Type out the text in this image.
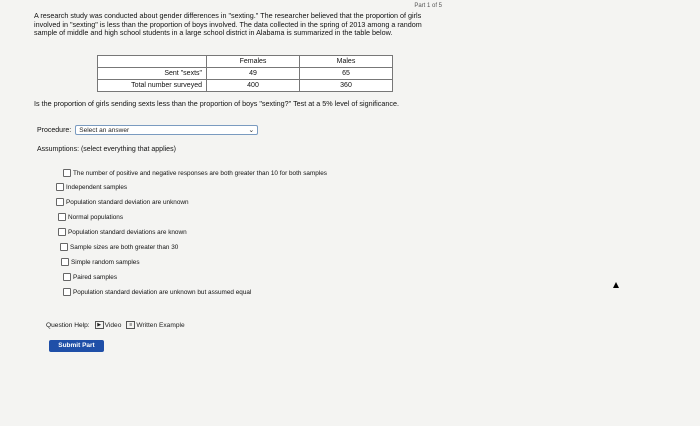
Part 1 of 5
A research study was conducted about gender differences in "sexting." The researcher believed that the proportion of girls involved in "sexting" is less than the proportion of boys involved. The data collected in the spring of 2013 among a random sample of middle and high school students in a large school district in Alabama is summarized in the table below.
	Females	Males
Sent "sexts"	49	65
Total number surveyed	400	360
Is the proportion of girls sending sexts less than the proportion of boys "sexting?" Test at a 5% level of significance.
Procedure:	Select an answer	⌄
Assumptions: (select everything that applies)
The number of positive and negative responses are both greater than 10 for both samples
Independent samples
Population standard deviation are unknown
Normal populations
Population standard deviations are known
Sample sizes are both greater than 30
Simple random samples
Paired samples
Population standard deviation are unknown but assumed equal
Question Help:	▶ Video	≡ Written Example
Submit Part
